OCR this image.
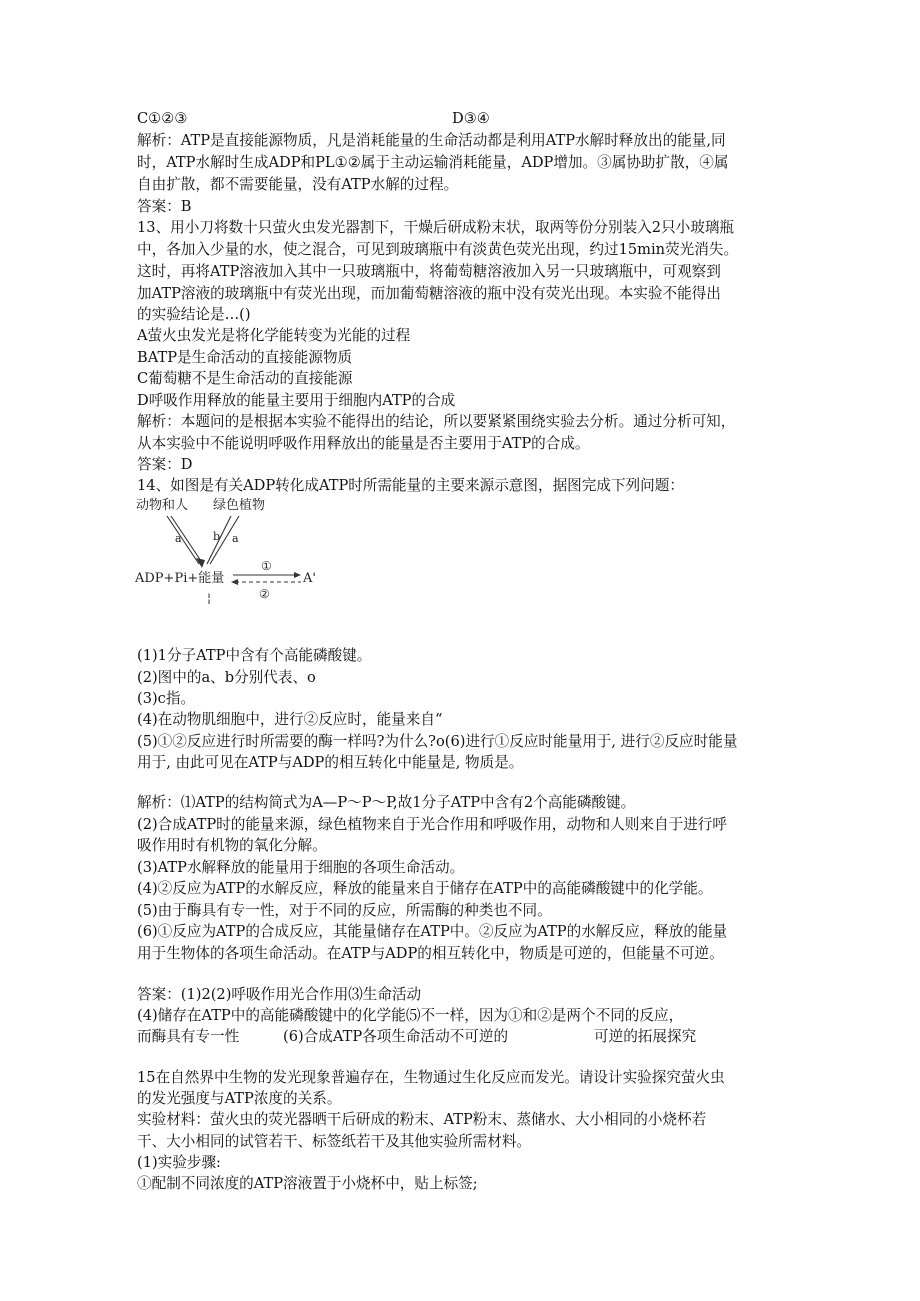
C①②③	D③④

解析：ATP是直接能源物质，凡是消耗能量的生命活动都是利用ATP水解时释放出的能量,同

时，ATP水解时生成ADP和PL①②属于主动运输消耗能量，ADP增加。③属协助扩散，④属

自由扩散，都不需要能量，没有ATP水解的过程。

答案：B

13、用小刀将数十只萤火虫发光器割下，干燥后研成粉末状，取两等份分别装入2只小玻璃瓶

中，各加入少量的水，使之混合，可见到玻璃瓶中有淡黄色荧光出现，约过15min荧光消失。

这时，再将ATP溶液加入其中一只玻璃瓶中，将葡萄糖溶液加入另一只玻璃瓶中，可观察到

加ATP溶液的玻璃瓶中有荧光出现，而加葡萄糖溶液的瓶中没有荧光出现。本实验不能得出

的实验结论是…()

A萤火虫发光是将化学能转变为光能的过程

BATP是生命活动的直接能源物质

C葡萄糖不是生命活动的直接能源

D呼吸作用释放的能量主要用于细胞内ATP的合成

解析：本题问的是根据本实验不能得出的结论，所以要紧紧围绕实验去分析。通过分析可知，

从本实验中不能说明呼吸作用释放出的能量是否主要用于ATP的合成。

答案：D

14、如图是有关ADP转化成ATP时所需能量的主要来源示意图，据图完成下列问题：

动物和人 绿色植物
a	b a
ADP+Pi+能量	A'
①
②
¦

(1)1分子ATP中含有个高能磷酸键。

(2)图中的a、b分别代表、o

(3)c指。

(4)在动物肌细胞中，进行②反应时，能量来自“

(5)①②反应进行时所需要的酶一样吗?为什么?o(6)进行①反应时能量用于, 进行②反应时能量

用于, 由此可见在ATP与ADP的相互转化中能量是, 物质是。

解析：⑴ATP的结构简式为A—P～P～P,故1分子ATP中含有2个高能磷酸键。

(2)合成ATP时的能量来源，绿色植物来自于光合作用和呼吸作用，动物和人则来自于进行呼

吸作用时有机物的氧化分解。

(3)ATP水解释放的能量用于细胞的各项生命活动。

(4)②反应为ATP的水解反应，释放的能量来自于储存在ATP中的高能磷酸键中的化学能。

(5)由于酶具有专一性，对于不同的反应，所需酶的种类也不同。

(6)①反应为ATP的合成反应，其能量储存在ATP中。②反应为ATP的水解反应，释放的能量

用于生物体的各项生命活动。在ATP与ADP的相互转化中，物质是可逆的，但能量不可逆。

答案：(1)2(2)呼吸作用光合作用⑶生命活动

(4)储存在ATP中的高能磷酸键中的化学能⑸不一样，因为①和②是两个不同的反应，

而酶具有专一性	(6)合成ATP各项生命活动不可逆的	可逆的拓展探究

15在自然界中生物的发光现象普遍存在，生物通过生化反应而发光。请设计实验探究萤火虫

的发光强度与ATP浓度的关系。

实验材料：萤火虫的荧光器晒干后研成的粉末、ATP粉末、蒸储水、大小相同的小烧杯若

干、大小相同的试管若干、标签纸若干及其他实验所需材料。

(1)实验步骤:

①配制不同浓度的ATP溶液置于小烧杯中，贴上标签;
